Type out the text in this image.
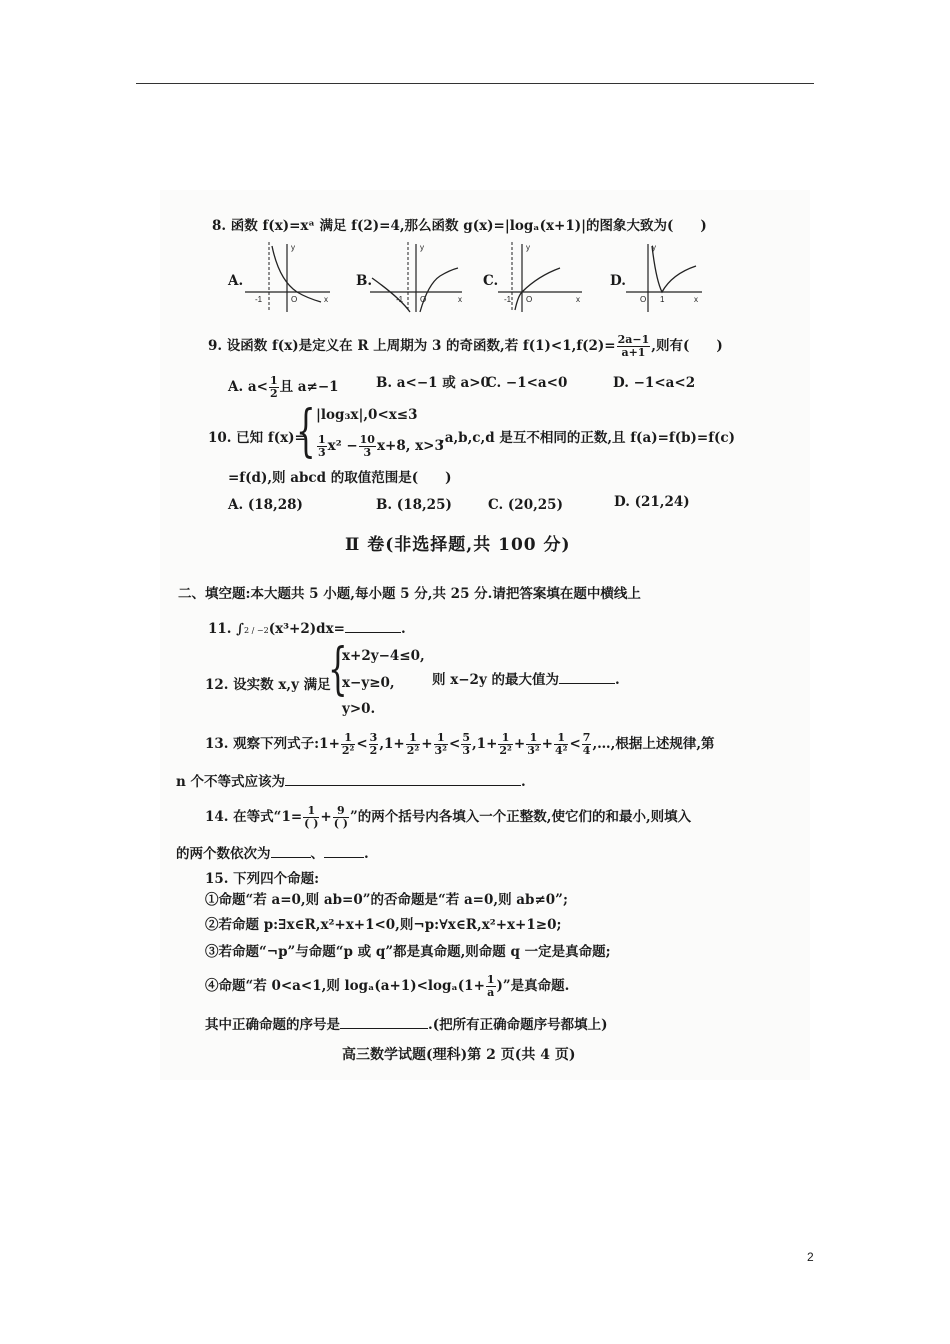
8. 函数 f(x)=xᵃ 满足 f(2)=4,那么函数 g(x)=|logₐ(x+1)|的图象大致为(　　)
A.
y
x
-1	O
B.
y
x
-1 O
C.
y
x
-1 O
D.
y
x
O 1
9. 设函数 f(x)是定义在 R 上周期为 3 的奇函数,若 $f(1)<1,f(2)= \frac{2a-1}{a+1}$ ,则有(　　)
A. $a< \frac{1}{2}$ 且 a≠−1	B. a<−1 或 a>0
C. −1<a<0	D. −1<a<2
10. 已知 f(x)=
{ |log₃x|,0<x≤3
$\frac{1}{3} x^2 - \frac{10}{3} x+8$, x>3
,a,b,c,d 是互不相同的正数,且 f(a)=f(b)=f(c)
=f(d),则 abcd 的取值范围是(　　)
A. (18,28)	B. (18,25)	C. (20,25)	D. (21,24)
Ⅱ 卷(非选择题,共 100 分)
二、填空题:本大题共 5 小题,每小题 5 分,共 25 分.请把答案填在题中横线上
11. ∫2 / −2(x³+2)dx=	.
12. 设实数 x,y 满足
{
x+2y−4≤0,
x−y≥0,
y>0.
则 x−2y 的最大值为	.
13. 观察下列式子:1+ $\frac{1}{\text{2²}} < \frac{3}{2} ,1+ \frac{1}{\text{2²}} + \frac{1}{\text{3²}} < \frac{5}{3} ,1+ \frac{1}{\text{2²}} + \frac{1}{\text{3²}} + \frac{1}{\text{4²}} < \frac{7}{4}$ ,…,根据上述规律,第
n 个不等式应该为	.
14. 在等式“$1= \frac{1}{( )} + \frac{9}{( )}$ ”的两个括号内各填入一个正整数,使它们的和最小,则填入
的两个数依次为	、	.
15. 下列四个命题:
①命题“若 a=0,则 ab=0”的否命题是“若 a=0,则 ab≠0”;
②若命题 p:∃x∈R,x²+x+1<0,则¬p:∀x∈R,x²+x+1≥0;
③若命题“¬p”与命题“p 或 q”都是真命题,则命题 q 一定是真命题;
④命题“若 0<a<1,则 $\log_a(a+1)<\log_a(1+ \frac{1}{a}$ )”是真命题.
其中正确命题的序号是	.(把所有正确命题序号都填上)
高三数学试题(理科)第 2 页(共 4 页)
2
